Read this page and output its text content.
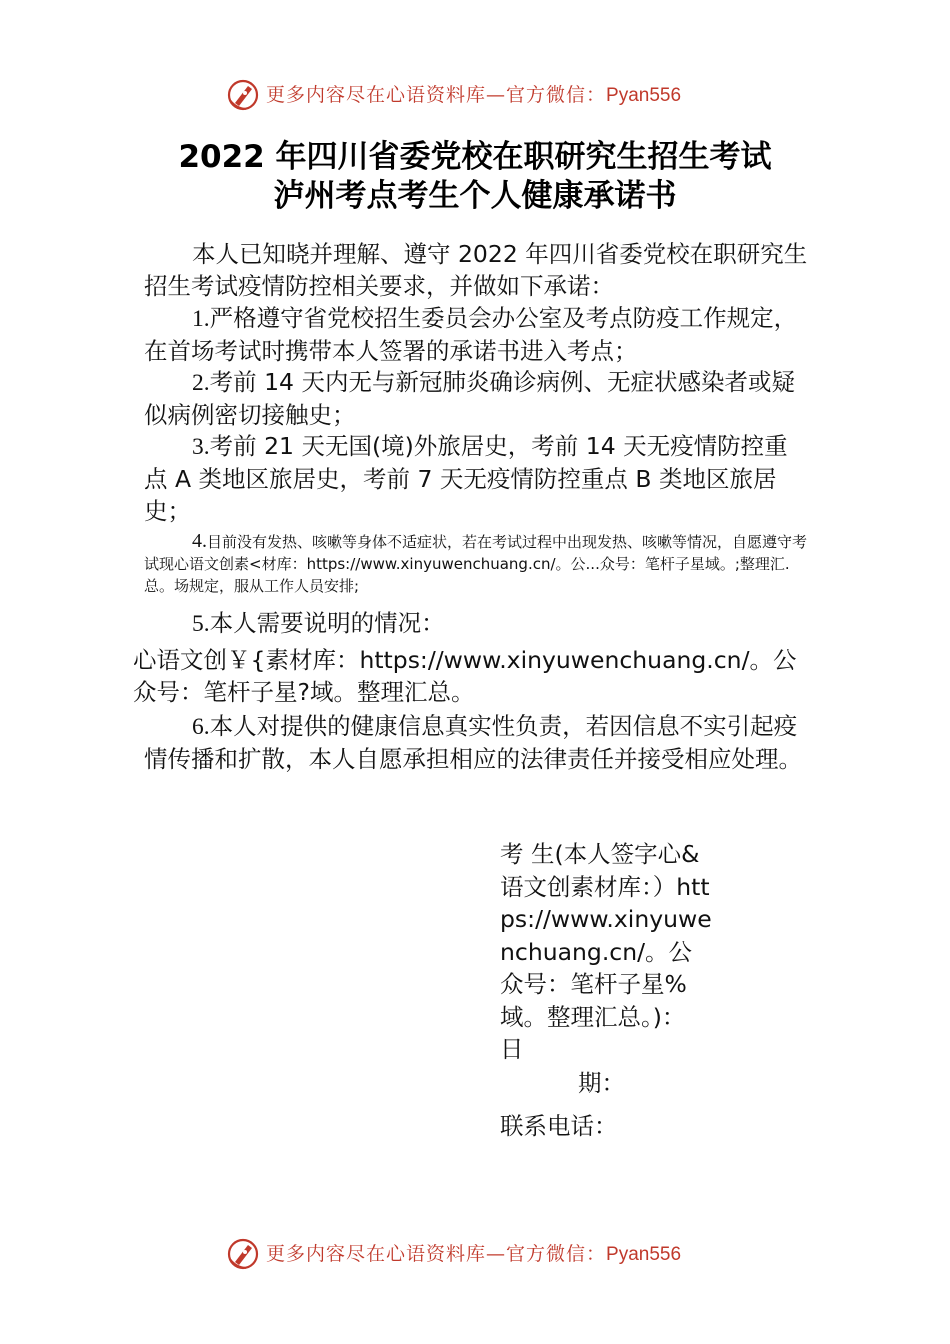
更多内容尽在心语资料库—官方微信：Pyan556
2022 年四川省委党校在职研究生招生考试
泸州考点考生个人健康承诺书
本人已知晓并理解、遵守 2022 年四川省委党校在职研究生招生考试疫情防控相关要求，并做如下承诺：
1.严格遵守省党校招生委员会办公室及考点防疫工作规定，在首场考试时携带本人签署的承诺书进入考点；
2.考前 14 天内无与新冠肺炎确诊病例、无症状感染者或疑似病例密切接触史；
3.考前 21 天无国(境)外旅居史，考前 14 天无疫情防控重点 A 类地区旅居史，考前 7 天无疫情防控重点 B 类地区旅居史；
4.目前没有发热、咳嗽等身体不适症状，若在考试过程中出现发热、咳嗽等情况，自愿遵守考试现心语文创素<材库：https://www.xinyuwenchuang.cn/。公...众号：笔杆子星域。;整理汇.总。场规定，服从工作人员安排;
5.本人需要说明的情况：
心语文创￥{素材库：https://www.xinyuwenchuang.cn/。公众号：笔杆子星?域。整理汇总。
6.本人对提供的健康信息真实性负责，若因信息不实引起疫情传播和扩散，本人自愿承担相应的法律责任并接受相应处理。
考 生(本人签字心&语文创素材库：）https://www.xinyuwenchuang.cn/。公众号：笔杆子星%域。整理汇总。)： 日
期：
联系电话：
更多内容尽在心语资料库—官方微信：Pyan556
